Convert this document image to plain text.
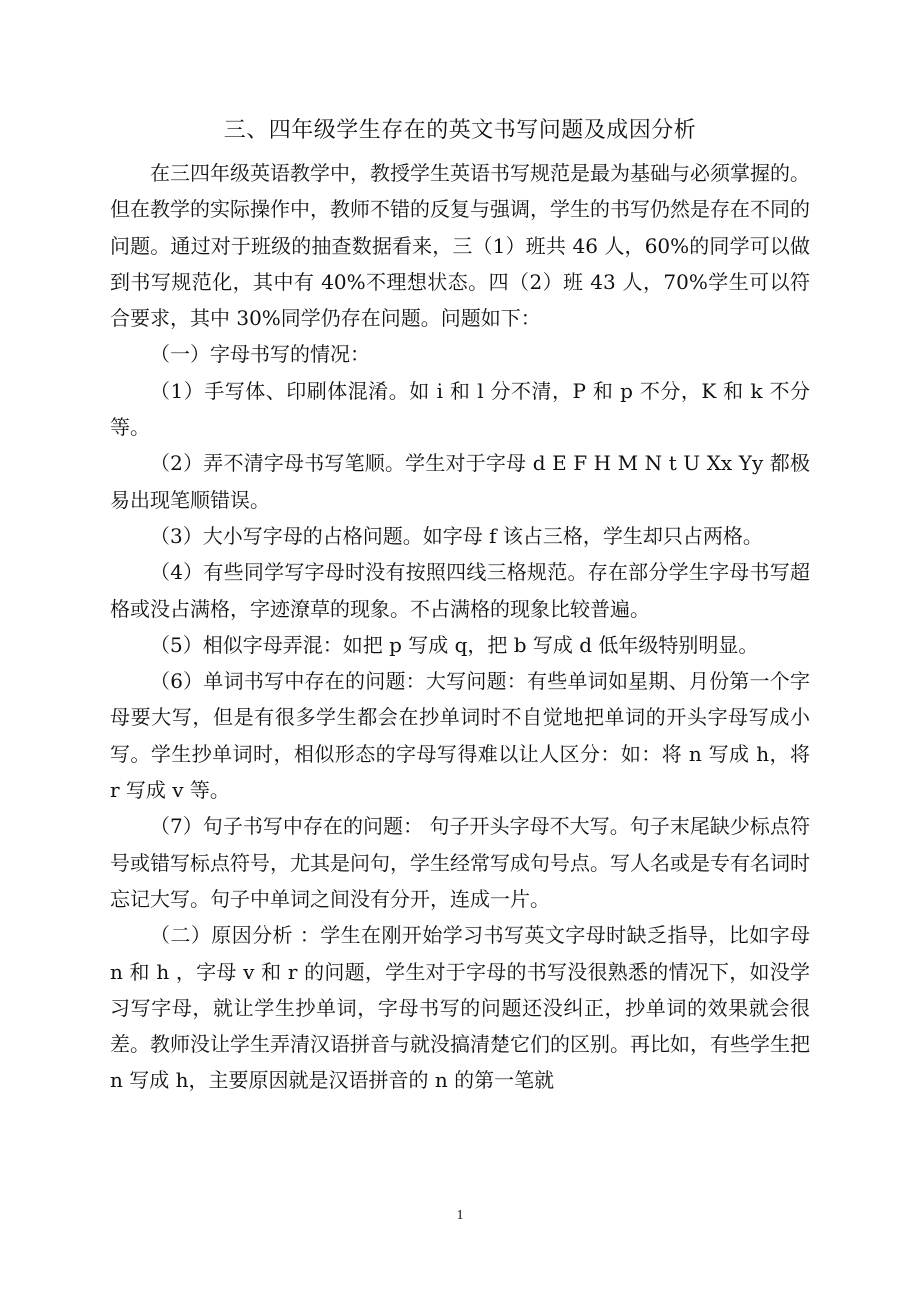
三、四年级学生存在的英文书写问题及成因分析

在三四年级英语教学中，教授学生英语书写规范是最为基础与必须掌握的。但在教学的实际操作中，教师不错的反复与强调，学生的书写仍然是存在不同的问题。通过对于班级的抽查数据看来，三（1）班共 46 人，60%的同学可以做到书写规范化，其中有 40%不理想状态。四（2）班 43 人，70%学生可以符合要求，其中 30%同学仍存在问题。问题如下：

（一）字母书写的情况：

（1）手写体、印刷体混淆。如 i 和 l 分不清，P 和 p 不分，K 和 k 不分等。

（2）弄不清字母书写笔顺。学生对于字母 d E F H M N t U Xx Yy 都极易出现笔顺错误。

（3）大小写字母的占格问题。如字母 f 该占三格，学生却只占两格。

（4）有些同学写字母时没有按照四线三格规范。存在部分学生字母书写超格或没占满格，字迹潦草的现象。不占满格的现象比较普遍。

（5）相似字母弄混：如把 p 写成 q，把 b 写成 d 低年级特别明显。

（6）单词书写中存在的问题：大写问题：有些单词如星期、月份第一个字母要大写，但是有很多学生都会在抄单词时不自觉地把单词的开头字母写成小写。学生抄单词时，相似形态的字母写得难以让人区分：如：将 n 写成 h，将 r 写成 v 等。

（7）句子书写中存在的问题： 句子开头字母不大写。句子末尾缺少标点符号或错写标点符号，尤其是问句，学生经常写成句号点。写人名或是专有名词时忘记大写。句子中单词之间没有分开，连成一片。

（二）原因分析 ：学生在刚开始学习书写英文字母时缺乏指导，比如字母 n 和 h ，字母 v 和 r 的问题，学生对于字母的书写没很熟悉的情况下，如没学习写字母，就让学生抄单词，字母书写的问题还没纠正，抄单词的效果就会很差。教师没让学生弄清汉语拼音与就没搞清楚它们的区别。再比如，有些学生把 n 写成 h，主要原因就是汉语拼音的 n 的第一笔就

1
